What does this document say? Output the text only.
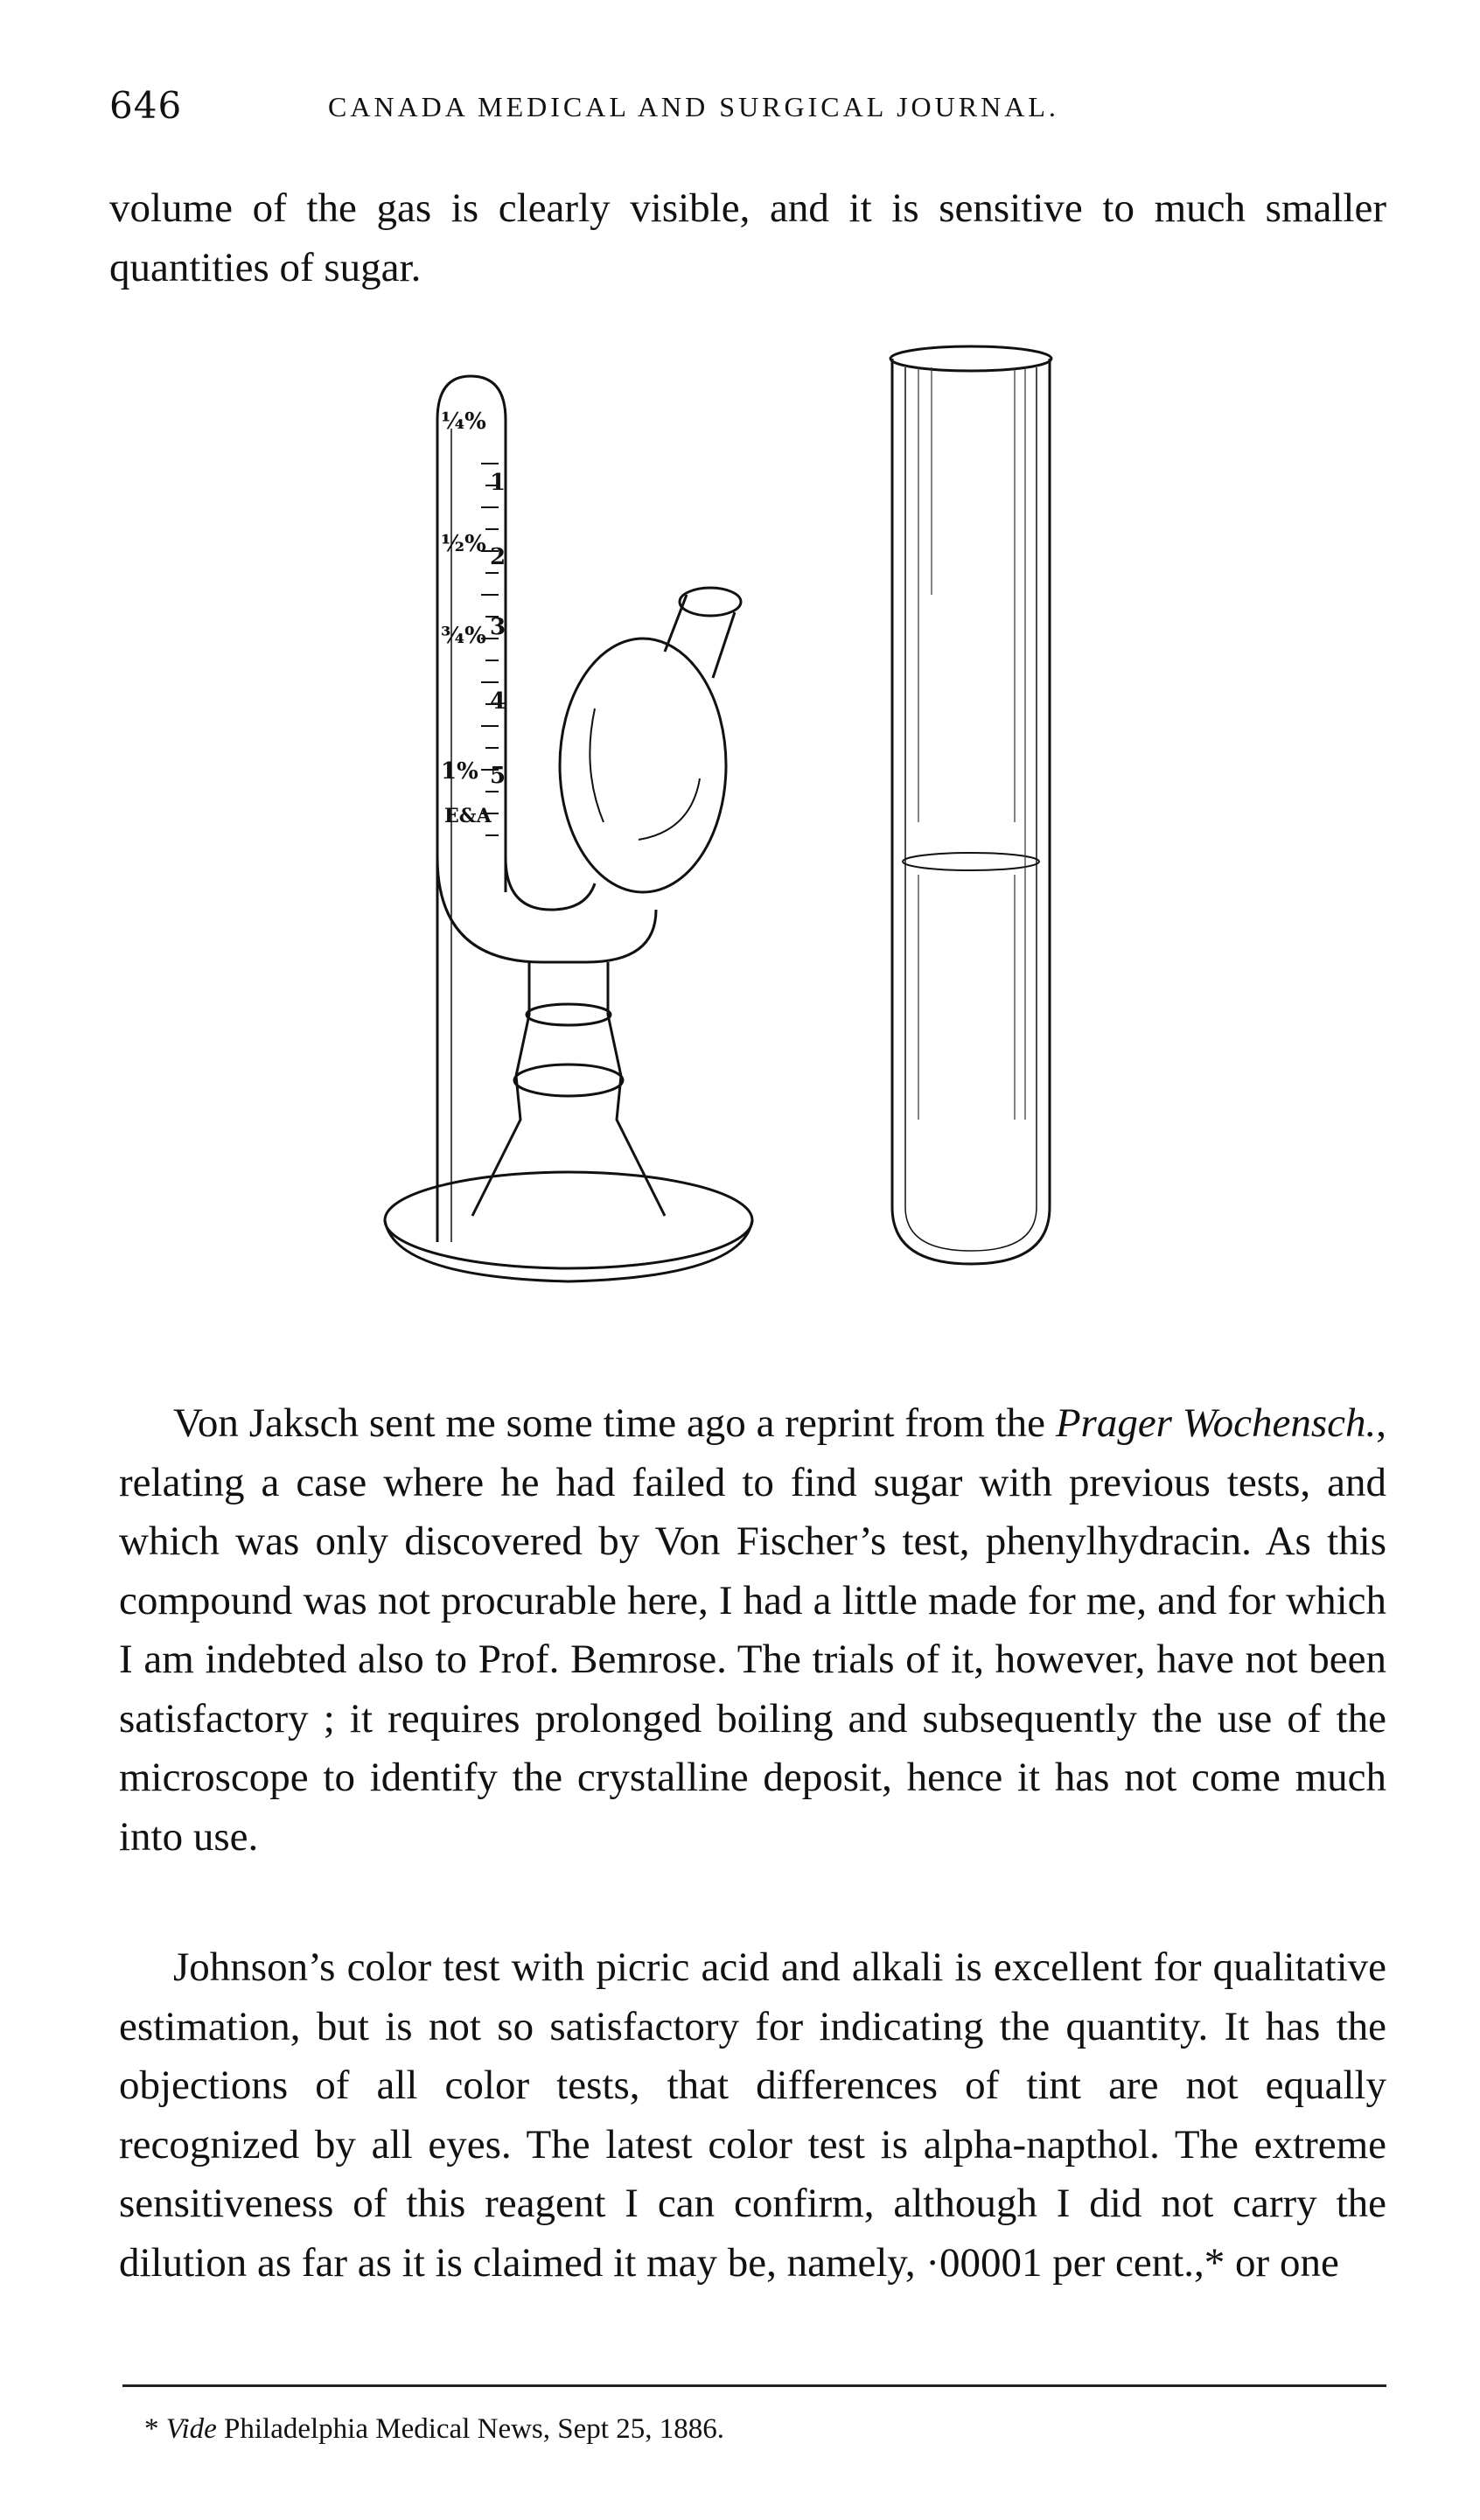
646	CANADA MEDICAL AND SURGICAL JOURNAL.

volume of the gas is clearly visible, and it is sensitive to much smaller quantities of sugar.

¼%
1
½% 2
3
¾%
4
1% 5
E&A

Von Jaksch sent me some time ago a reprint from the Prager Wochensch., relating a case where he had failed to find sugar with previous tests, and which was only discovered by Von Fischer’s test, phenylhydracin. As this compound was not procurable here, I had a little made for me, and for which I am indebted also to Prof. Bemrose. The trials of it, however, have not been satisfactory ; it requires prolonged boiling and subsequently the use of the microscope to identify the crystalline deposit, hence it has not come much into use.

Johnson’s color test with picric acid and alkali is excellent for qualitative estimation, but is not so satisfactory for indicating the quantity. It has the objections of all color tests, that differences of tint are not equally recognized by all eyes. The latest color test is alpha-napthol. The extreme sensitiveness of this reagent I can confirm, although I did not carry the dilution as far as it is claimed it may be, namely, ·00001 per cent.,* or one

* Vide Philadelphia Medical News, Sept 25, 1886.
